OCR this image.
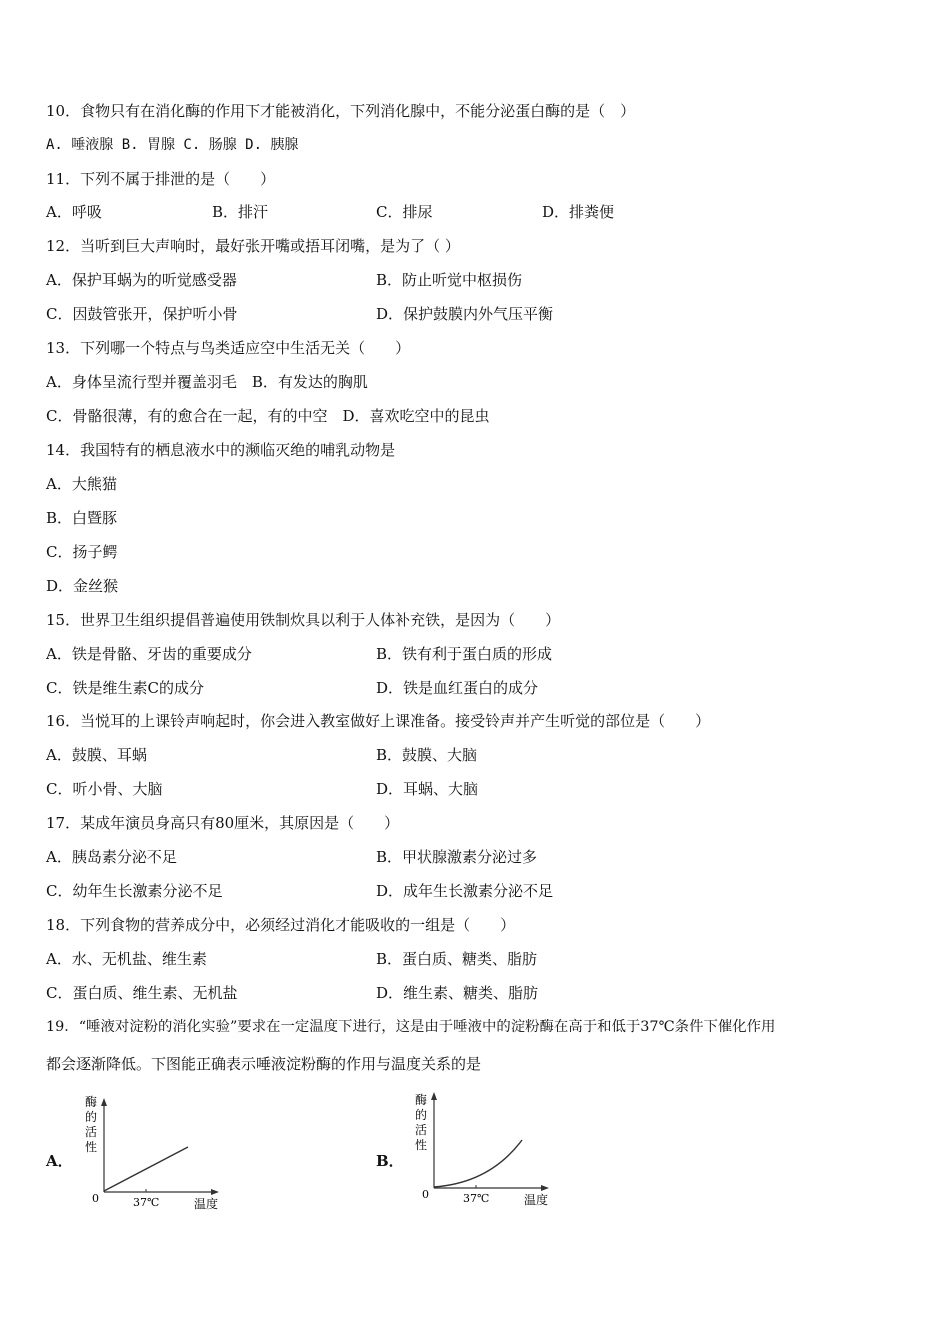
10．食物只有在消化酶的作用下才能被消化，下列消化腺中，不能分泌蛋白酶的是（　）
A. 唾液腺 B. 胃腺 C. 肠腺 D. 胰腺
11．下列不属于排泄的是（　　）
A．呼吸	B．排汗	C．排尿	D．排粪便
12．当听到巨大声响时，最好张开嘴或捂耳闭嘴，是为了（ ）
A．保护耳蜗为的听觉感受器	B．防止听觉中枢损伤
C．因鼓管张开，保护听小骨	D．保护鼓膜内外气压平衡
13．下列哪一个特点与鸟类适应空中生活无关（　　）
A．身体呈流行型并覆盖羽毛　B．有发达的胸肌
C．骨骼很薄，有的愈合在一起，有的中空　D．喜欢吃空中的昆虫
14．我国特有的栖息液水中的濒临灭绝的哺乳动物是
A．大熊猫
B．白暨豚
C．扬子鳄
D．金丝猴
15．世界卫生组织提倡普遍使用铁制炊具以利于人体补充铁，是因为（　　）
A．铁是骨骼、牙齿的重要成分	B．铁有利于蛋白质的形成
C．铁是维生素C的成分	D．铁是血红蛋白的成分
16．当悦耳的上课铃声响起时，你会进入教室做好上课准备。接受铃声并产生听觉的部位是（　　）
A．鼓膜、耳蜗	B．鼓膜、大脑
C．听小骨、大脑	D．耳蜗、大脑
17．某成年演员身高只有80厘米，其原因是（　　）
A．胰岛素分泌不足	B．甲状腺激素分泌过多
C．幼年生长激素分泌不足	D．成年生长激素分泌不足
18．下列食物的营养成分中，必须经过消化才能吸收的一组是（　　）
A．水、无机盐、维生素	B．蛋白质、糖类、脂肪
C．蛋白质、维生素、无机盐	D．维生素、糖类、脂肪
19．“唾液对淀粉的消化实验”要求在一定温度下进行，这是由于唾液中的淀粉酶在高于和低于37℃条件下催化作用
都会逐渐降低。下图能正确表示唾液淀粉酶的作用与温度关系的是
A．
酶
的
活
性
0	37℃	温度
B．
酶
的
活
性
0	37℃	温度
